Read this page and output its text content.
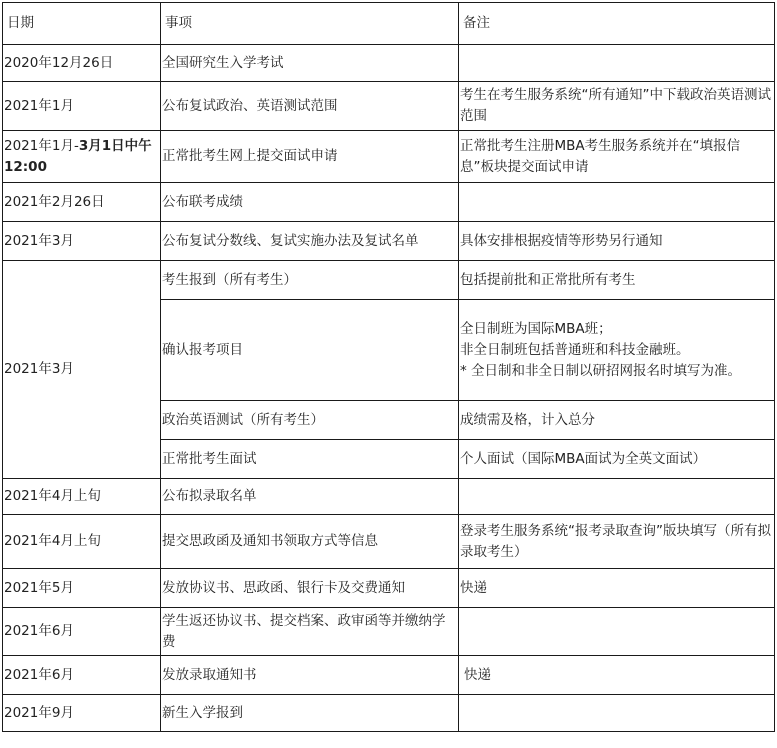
日期	事项	备注
2020年12月26日	全国研究生入学考试	
2021年1月	公布复试政治、英语测试范围	考生在考生服务系统“所有通知”中下载政治英语测试范围
2021年1月-3月1日中午12:00	正常批考生网上提交面试申请	正常批考生注册MBA考生服务系统并在“填报信息”板块提交面试申请
2021年2月26日	公布联考成绩	
2021年3月	公布复试分数线、复试实施办法及复试名单	具体安排根据疫情等形势另行通知
2021年3月	考生报到（所有考生）	包括提前批和正常批所有考生
	确认报考项目	全日制班为国际MBA班；
非全日制班包括普通班和科技金融班。
* 全日制和非全日制以研招网报名时填写为准。

	政治英语测试（所有考生）	成绩需及格，计入总分
	正常批考生面试	个人面试（国际MBA面试为全英文面试）
2021年4月上旬	公布拟录取名单	
2021年4月上旬	提交思政函及通知书领取方式等信息	登录考生服务系统“报考录取查询”版块填写（所有拟录取考生）
2021年5月	发放协议书、思政函、银行卡及交费通知	快递
2021年6月	学生返还协议书、提交档案、政审函等并缴纳学费	
2021年6月	发放录取通知书	快递
2021年9月	新生入学报到	
